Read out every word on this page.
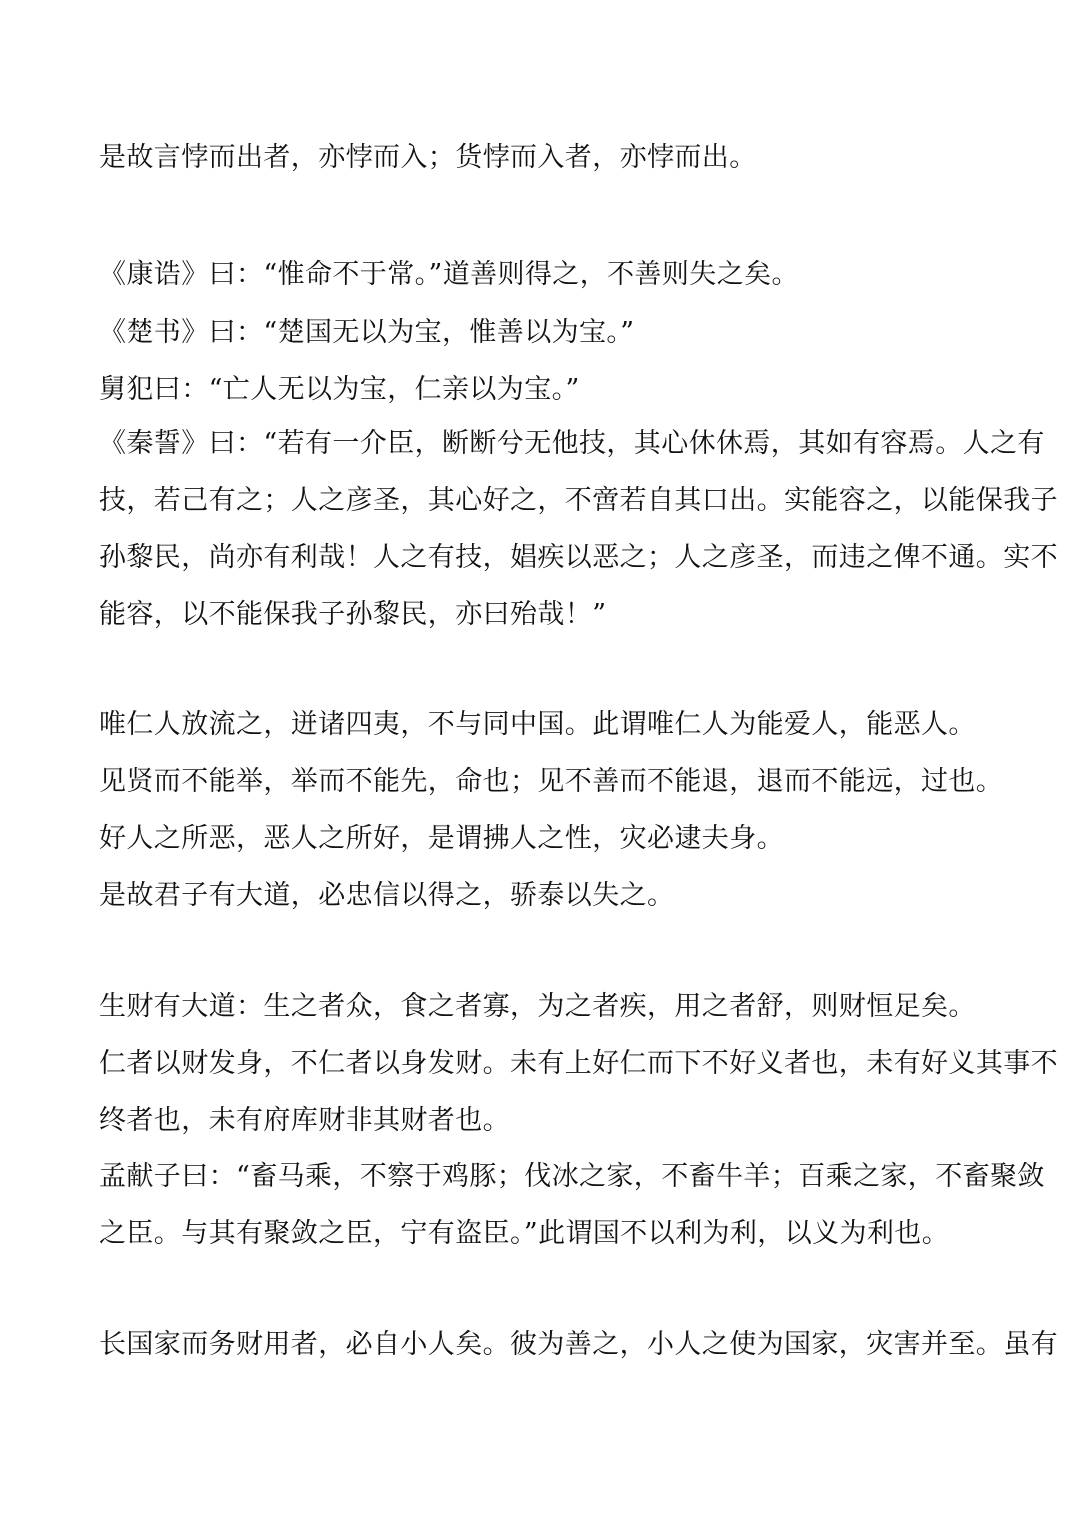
是故言悖而出者，亦悖而入；货悖而入者，亦悖而出。
《康诰》曰：“惟命不于常。”道善则得之，不善则失之矣。
《楚书》曰：“楚国无以为宝，惟善以为宝。”
舅犯曰：“亡人无以为宝，仁亲以为宝。”
《秦誓》曰：“若有一介臣，断断兮无他技，其心休休焉，其如有容焉。人之有
技，若己有之；人之彦圣，其心好之，不啻若自其口出。实能容之，以能保我子
孙黎民，尚亦有利哉！人之有技，娼疾以恶之；人之彦圣，而违之俾不通。实不
能容，以不能保我子孙黎民，亦曰殆哉！”
唯仁人放流之，迸诸四夷，不与同中国。此谓唯仁人为能爱人，能恶人。
见贤而不能举，举而不能先，命也；见不善而不能退，退而不能远，过也。
好人之所恶，恶人之所好，是谓拂人之性，灾必逮夫身。
是故君子有大道，必忠信以得之，骄泰以失之。
生财有大道：生之者众，食之者寡，为之者疾，用之者舒，则财恒足矣。
仁者以财发身，不仁者以身发财。未有上好仁而下不好义者也，未有好义其事不
终者也，未有府库财非其财者也。
孟献子曰：“畜马乘，不察于鸡豚；伐冰之家，不畜牛羊；百乘之家，不畜聚敛
之臣。与其有聚敛之臣，宁有盗臣。”此谓国不以利为利，以义为利也。
长国家而务财用者，必自小人矣。彼为善之，小人之使为国家，灾害并至。虽有
